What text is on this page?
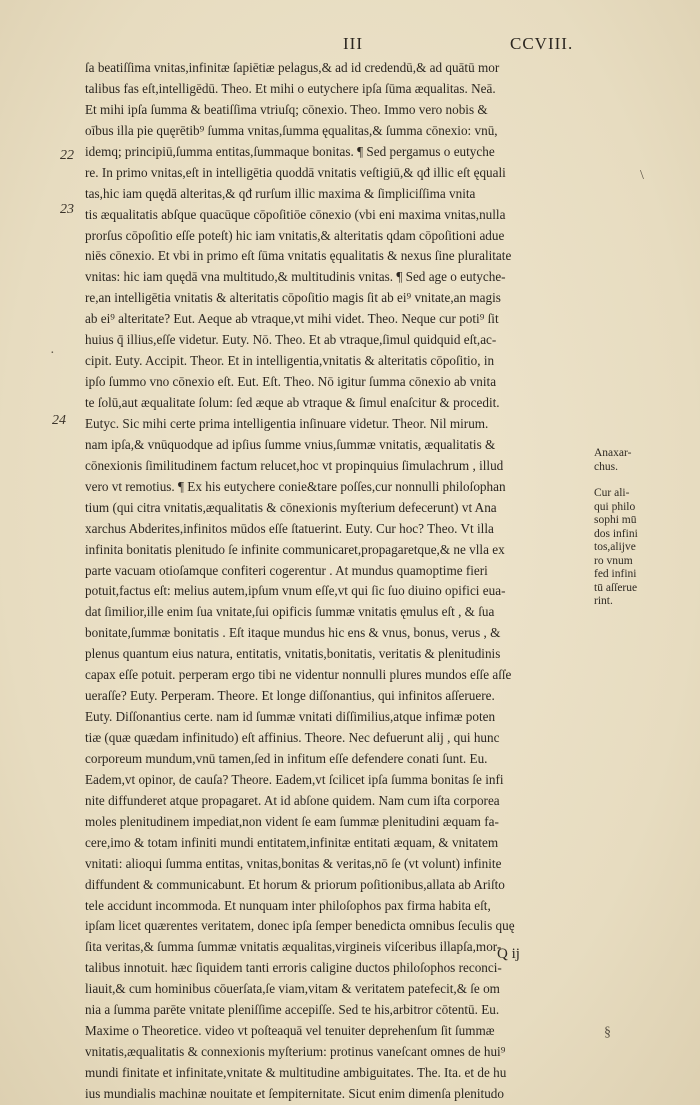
III	CCVIII.
22
23
24
ſa beatiſſima vnitas,infinitæ ſapiētiæ pelagus,& ad id credendū,& ad quātū mor
talibus fas eſt,intelligēdū. Theo. Et mihi o eutychere ipſa ſūma æqualitas. Neā.
Et mihi ipſa ſumma & beatiſſima vtriuſq; cōnexio. Theo. Immo vero nobis &
oībus illa pie quęrētib⁹ ſumma vnitas,ſumma ęqualitas,& ſumma cōnexio: vnū,
idemq; principiū,ſumma entitas,ſummaque bonitas. ¶ Sed pergamus o eutyche
re. In primo vnitas,eſt in intelligētia quoddā vnitatis veſtigiū,& qđ illic eſt ęquali
tas,hic iam quędā alteritas,& qđ rurſum illic maxima & ſimpliciſſima vnita
tis æqualitatis abſque quacūque cōpoſitiōe cōnexio (vbi eni maxima vnitas,nulla
prorſus cōpoſitio eſſe poteſt) hic iam vnitatis,& alteritatis qdam cōpoſitioni adue
niēs cōnexio. Et vbi in primo eſt ſūma vnitatis ęqualitatis & nexus ſine pluralitate
vnitas: hic iam quędā vna multitudo,& multitudinis vnitas. ¶ Sed age o eutyche-
re,an intelligētia vnitatis & alteritatis cōpoſitio magis ſit ab ei⁹ vnitate,an magis
ab ei⁹ alteritate? Eut. Aeque ab vtraque,vt mihi videt. Theo. Neque cur poti⁹ ſit
huius q̄ illius,eſſe videtur. Euty. Nō. Theo. Et ab vtraque,ſimul quidquid eſt,ac-
cipit. Euty. Accipit. Theor. Et in intelligentia,vnitatis & alteritatis cōpoſitio, in
ipſo ſummo vno cōnexio eſt. Eut. Eſt. Theo. Nō igitur ſumma cōnexio ab vnita
te ſolū,aut æqualitate ſolum: ſed æque ab vtraque & ſimul enaſcitur & procedit.
Eutyc. Sic mihi certe prima intelligentia inſinuare videtur. Theor. Nil mirum.
nam ipſa,& vnūquodque ad ipſius ſumme vnius,ſummæ vnitatis, æqualitatis &
cōnexionis ſimilitudinem factum relucet,hoc vt propinquius ſimulachrum , illud
vero vt remotius. ¶ Ex his eutychere conie&tare poſſes,cur nonnulli philoſophan
tium (qui citra vnitatis,æqualitatis & cōnexionis myſterium defecerunt) vt Ana
xarchus Abderites,infinitos mūdos eſſe ſtatuerint. Euty. Cur hoc? Theo. Vt illa
infinita bonitatis plenitudo ſe infinite communicaret,propagaretque,& ne vlla ex
parte vacuam otioſamque confiteri cogerentur . At mundus quamoptime fieri
potuit,factus eſt: melius autem,ipſum vnum eſſe,vt qui ſic ſuo diuino opifici eua-
dat ſimilior,ille enim ſua vnitate,ſui opificis ſummæ vnitatis ęmulus eſt , & ſua
bonitate,ſummæ bonitatis . Eſt itaque mundus hic ens & vnus, bonus, verus , &
plenus quantum eius natura, entitatis, vnitatis,bonitatis, veritatis & plenitudinis
capax eſſe potuit. perperam ergo tibi ne videntur nonnulli plures mundos eſſe aſſe
ueraſſe? Euty. Perperam. Theore. Et longe diſſonantius, qui infinitos aſſeruere.
Euty. Diſſonantius certe. nam id ſummæ vnitati diſſimilius,atque infimæ poten
tiæ (quæ quædam infinitudo) eſt affinius. Theore. Nec defuerunt alij , qui hunc
corporeum mundum,vnū tamen,ſed in infitum eſſe defendere conati ſunt. Eu.
Eadem,vt opinor, de cauſa? Theore. Eadem,vt ſcilicet ipſa ſumma bonitas ſe infi
nite diffunderet atque propagaret. At id abſone quidem. Nam cum iſta corporea
moles plenitudinem impediat,non vident ſe eam ſummæ plenitudini æquam fa-
cere,imo & totam infiniti mundi entitatem,infinitæ entitati æquam, & vnitatem
vnitati: alioqui ſumma entitas, vnitas,bonitas & veritas,nō ſe (vt volunt) infinite
diffundent & communicabunt. Et horum & priorum poſitionibus,allata ab Ariſto
tele accidunt incommoda. Et nunquam inter philoſophos pax firma habita eſt,
ipſam licet quærentes veritatem, donec ipſa ſemper benedicta omnibus ſeculis quę
ſita veritas,& ſumma ſummæ vnitatis æqualitas,virgineis viſceribus illapſa,mor-
talibus innotuit. hæc ſiquidem tanti erroris caligine ductos philoſophos reconci-
liauit,& cum hominibus cōuerſata,ſe viam,vitam & veritatem patefecit,& ſe om
nia a ſumma parēte vnitate pleniſſime accepiſſe. Sed te his,arbitror cōtentū. Eu.
Maxime o Theoretice. video vt poſteaquā vel tenuiter deprehenſum ſit ſummæ
vnitatis,æqualitatis & connexionis myſterium: protinus vaneſcant omnes de hui⁹
mundi finitate et infinitate,vnitate & multitudine ambiguitates. The. Ita. et de hu
ius mundialis machinæ nouitate et ſempiternitate. Sicut enim dimenſa plenitudo
Anaxar-
chus.
Cur ali-
qui philo
sophi mū
dos infini
tos,alijve
ro vnum
fed infini
tū aſſerue
rint.
Q ij
\
·
§
